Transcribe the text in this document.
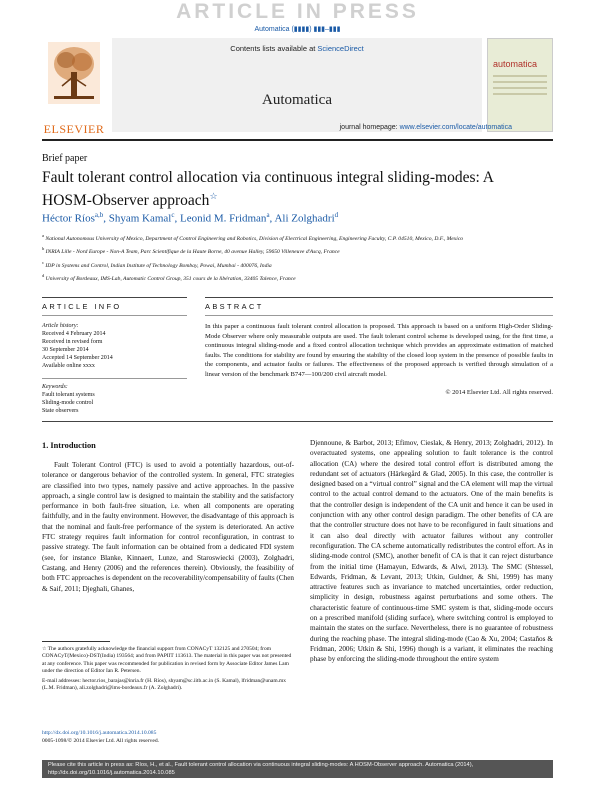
ARTICLE IN PRESS
Automatica (▮▮▮▮) ▮▮▮–▮▮▮
ELSEVIER
Contents lists available at ScienceDirect
Automatica
automatica
journal homepage: www.elsevier.com/locate/automatica
Brief paper
Fault tolerant control allocation via continuous integral sliding-modes: A HOSM-Observer approach☆
Héctor Ríos$^{a,b}$, Shyam Kamal$^c$, Leonid M. Fridman$^a$, Ali Zolghadri$^d$
$^a$ National Autonomous University of Mexico, Department of Control Engineering and Robotics, Division of Electrical Engineering, Engineering Faculty, C.P. 04510, Mexico, D.F., Mexico
$^b$ INRIA Lille - Nord Europe - Non-A Team, Parc Scientifique de la Haute Borne, 40 avenue Halley, 59650 Villeneuve d'Ascq, France
$^c$ IDP in Systems and Control, Indian Institute of Technology Bombay, Powai, Mumbai - 400076, India
$^d$ University of Bordeaux, IMS-Lab, Automatic Control Group, 351 cours de la libération, 33405 Talence, France
ARTICLE INFO	ABSTRACT
Article history:
Received 4 February 2014
Received in revised form
30 September 2014
Accepted 14 September 2014
Available online xxxx
Keywords:
Fault tolerant systems
Sliding-mode control
State observers
In this paper a continuous fault tolerant control allocation is proposed. This approach is based on a uniform High-Order Sliding-Mode Observer where only measurable outputs are used. The fault tolerant control scheme is developed using, for the first time, a continuous integral sliding-mode and a fixed control allocation technique which provides an approximate estimation of matched faults. The conditions for stability are found by ensuring the stability of the closed loop system in the presence of possible faults in the components, and actuator faults or failures. The effectiveness of the proposed approach is verified through simulation of a linear version of the benchmark B747—100/200 civil aircraft model.
© 2014 Elsevier Ltd. All rights reserved.
1. Introduction

Fault Tolerant Control (FTC) is used to avoid a potentially hazardous, out-of-tolerance or dangerous behavior of the controlled system. In general, FTC strategies are classified into two types, namely passive and active approaches. In the passive approach, a single control law is designed to maintain the stability and the satisfactory performance in both fault-free situation, i.e. when all components are operating faithfully, and in the faulty environment. However, the disadvantage of this approach is that the nominal and fault-free performance of the system is deteriorated. An active FTC strategy requires fault information for control reconfiguration, in contrast to passive strategy. The fault information can be obtained from a dedicated FDI system (see, for instance Blanke, Kinnaert, Lunze, and Staroswiecki (2003), Zolghadri, Castang, and Henry (2006) and the references therein). Obviously, the feasibility of both FTC approaches is dependent on the recoverability/compensability of faults (Chen & Saif, 2011; Djeghali, Ghanes,

Djennoune, & Barbot, 2013; Efimov, Cieslak, & Henry, 2013; Zolghadri, 2012). In overactuated systems, one appealing solution to fault tolerance is the control allocation (CA) where the desired total control effort is distributed among the redundant set of actuators (Härkegård & Glad, 2005). In this case, the controller is designed based on a “virtual control” signal and the CA element will map the virtual control to the actual control demand to the actuators. One of the main benefits is that the controller design is independent of the CA unit and hence it can be used in conjunction with any other control design paradigm. The other benefits of CA are that the controller structure does not have to be reconfigured in fault situations and it can also deal directly with actuator failures without any controller reconfiguration. The CA scheme automatically redistributes the control effort. As in sliding-mode control (SMC), another benefit of CA is that it can reject disturbance from the initial time (Hamayun, Edwards, & Alwi, 2013). The SMC (Shtessel, Edwards, Fridman, & Levant, 2013; Utkin, Guldner, & Shi, 1999) has many attractive features such as invariance to matched uncertainties, order reduction, simplicity in design, robustness against perturbations and some others. The characteristic feature of continuous-time SMC system is that, sliding-mode occurs on a prescribed manifold (sliding surface), where switching control is employed to maintain the states on the surface. Nevertheless, there is no guarantee of robustness during the reaching phase. The integral sliding-mode (Cao & Xu, 2004; Castaños & Fridman, 2006; Utkin & Shi, 1996) though is a variant, it eliminates the reaching phase by enforcing the sliding-mode throughout the entire system

☆ The authors gratefully acknowledge the financial support from CONACyT 132125 and 270504; from CONACyT(Mexico)-DST(India) 193564; and from PAPIIT 113613. The material in this paper was not presented at any conference. This paper was recommended for publication in revised form by Associate Editor James Lam under the direction of Editor Ian R. Petersen.
E-mail addresses: hector.rios_barajas@inria.fr (H. Ríos), shyam@sc.iitb.ac.in (S. Kamal), lfridman@unam.mx (L.M. Fridman), ali.zolghadri@ims-bordeaux.fr (A. Zolghadri).
http://dx.doi.org/10.1016/j.automatica.2014.10.085
0005-1098/© 2014 Elsevier Ltd. All rights reserved.
Please cite this article in press as: Ríos, H., et al., Fault tolerant control allocation via continuous integral sliding-modes: A HOSM-Observer approach. Automatica (2014), http://dx.doi.org/10.1016/j.automatica.2014.10.085
